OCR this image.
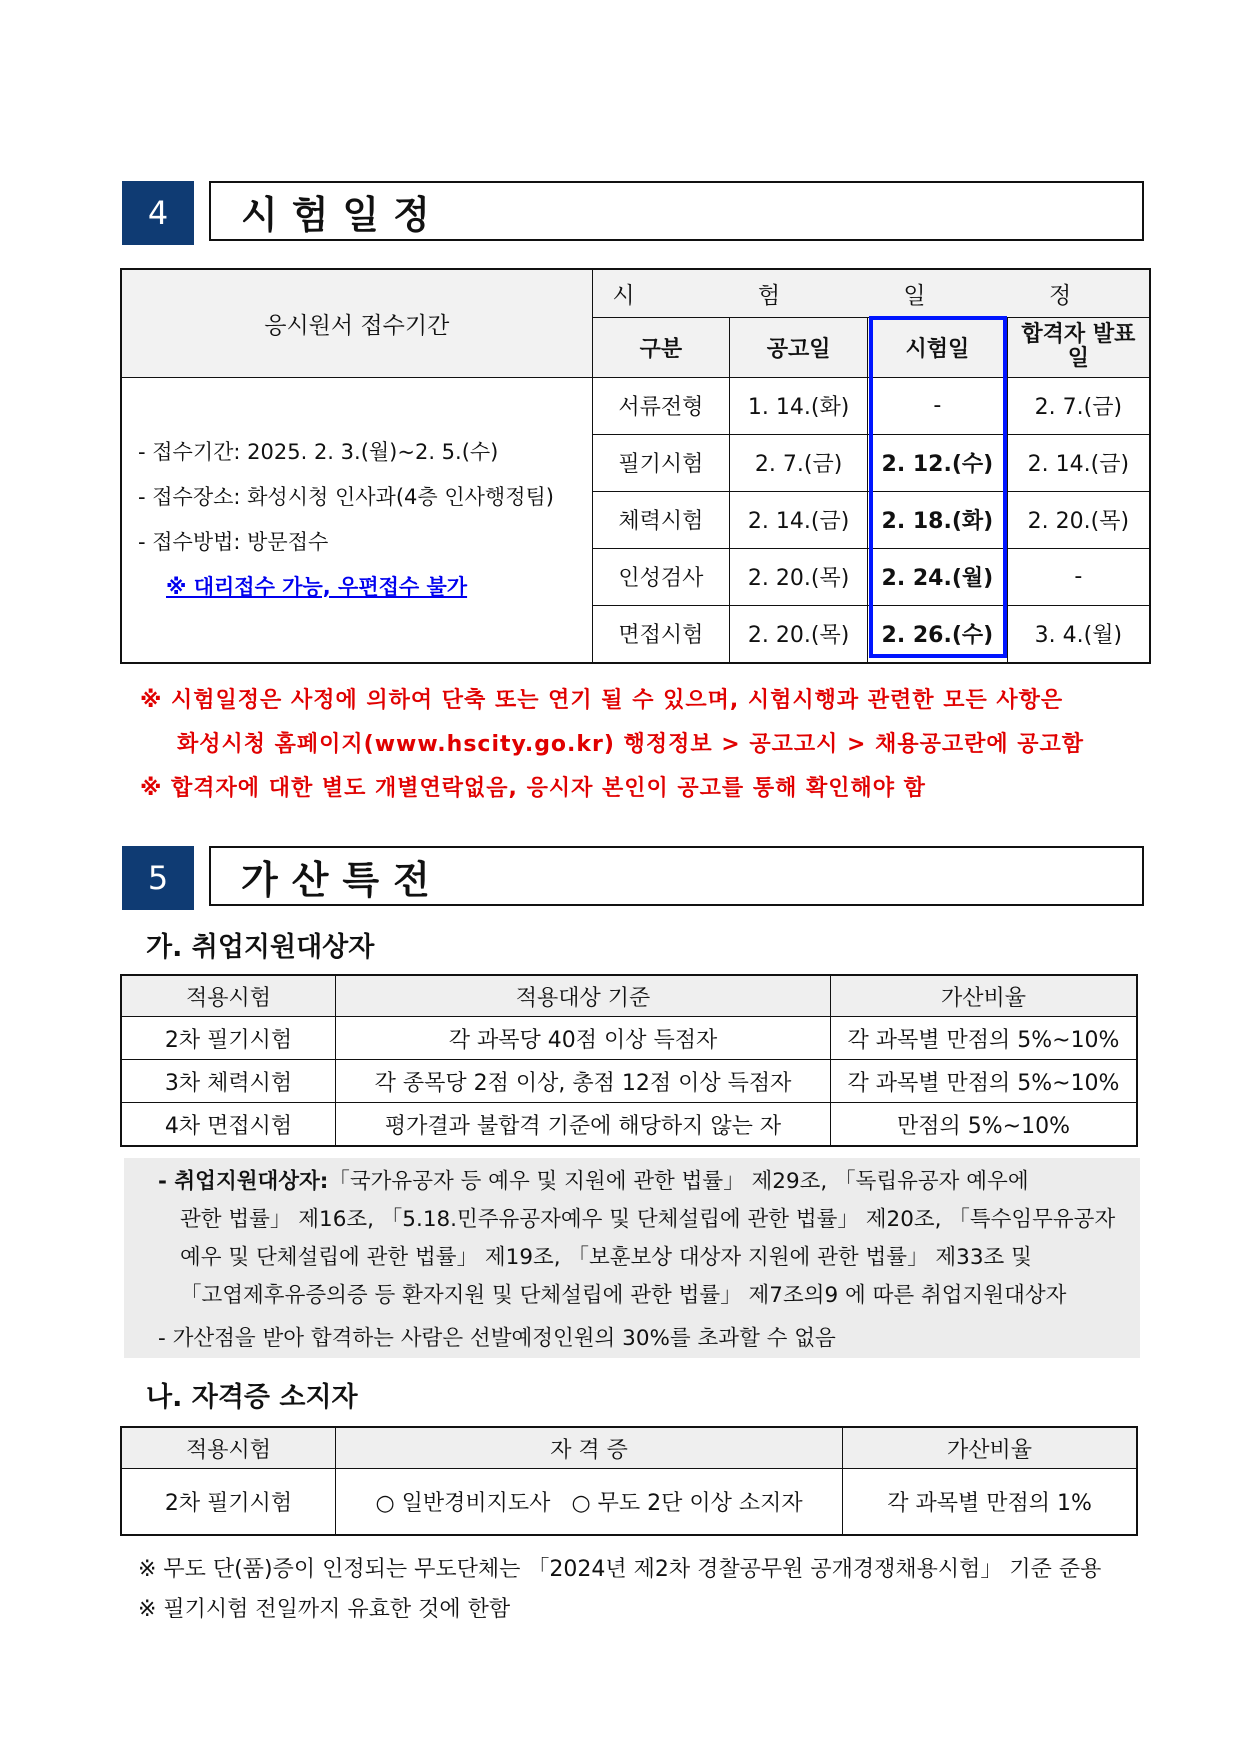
4	시험일정
응시원서 접수기간	시 험 일 정			
	구분	공고일	시험일	합격자 발표일

- 접수기간: 2025. 2. 3.(월)~2. 5.(수)
- 접수장소: 화성시청 인사과(4층 인사행정팀)
- 접수방법: 방문접수
※ 대리접수 가능, 우편접수 불가	서류전형	1. 14.(화)	-	2. 7.(금)
	필기시험	2. 7.(금)	2. 12.(수)	2. 14.(금)
	체력시험	2. 14.(금)	2. 18.(화)	2. 20.(목)
	인성검사	2. 20.(목)	2. 24.(월)	-
	면접시험	2. 20.(목)	2. 26.(수)	3. 4.(월)
※ 시험일정은 사정에 의하여 단축 또는 연기 될 수 있으며, 시험시행과 관련한 모든 사항은
화성시청 홈페이지(www.hscity.go.kr) 행정정보 > 공고고시 > 채용공고란에 공고함
※ 합격자에 대한 별도 개별연락없음, 응시자 본인이 공고를 통해 확인해야 함
5	가산특전
가. 취업지원대상자
적용시험	적용대상 기준	가산비율
2차 필기시험	각 과목당 40점 이상 득점자	각 과목별 만점의 5%~10%
3차 체력시험	각 종목당 2점 이상, 총점 12점 이상 득점자	각 과목별 만점의 5%~10%
4차 면접시험	평가결과 불합격 기준에 해당하지 않는 자	만점의 5%~10%
- 취업지원대상자:「국가유공자 등 예우 및 지원에 관한 법률」 제29조, 「독립유공자 예우에
관한 법률」 제16조, 「5.18.민주유공자예우 및 단체설립에 관한 법률」 제20조, 「특수임무유공자
예우 및 단체설립에 관한 법률」 제19조, 「보훈보상 대상자 지원에 관한 법률」 제33조 및
「고엽제후유증의증 등 환자지원 및 단체설립에 관한 법률」 제7조의9 에 따른 취업지원대상자
- 가산점을 받아 합격하는 사람은 선발예정인원의 30%를 초과할 수 없음
나. 자격증 소지자
적용시험	자 격 증	가산비율
2차 필기시험	○ 일반경비지도사 ○ 무도 2단 이상 소지자	각 과목별 만점의 1%
※ 무도 단(품)증이 인정되는 무도단체는 「2024년 제2차 경찰공무원 공개경쟁채용시험」 기준 준용
※ 필기시험 전일까지 유효한 것에 한함
